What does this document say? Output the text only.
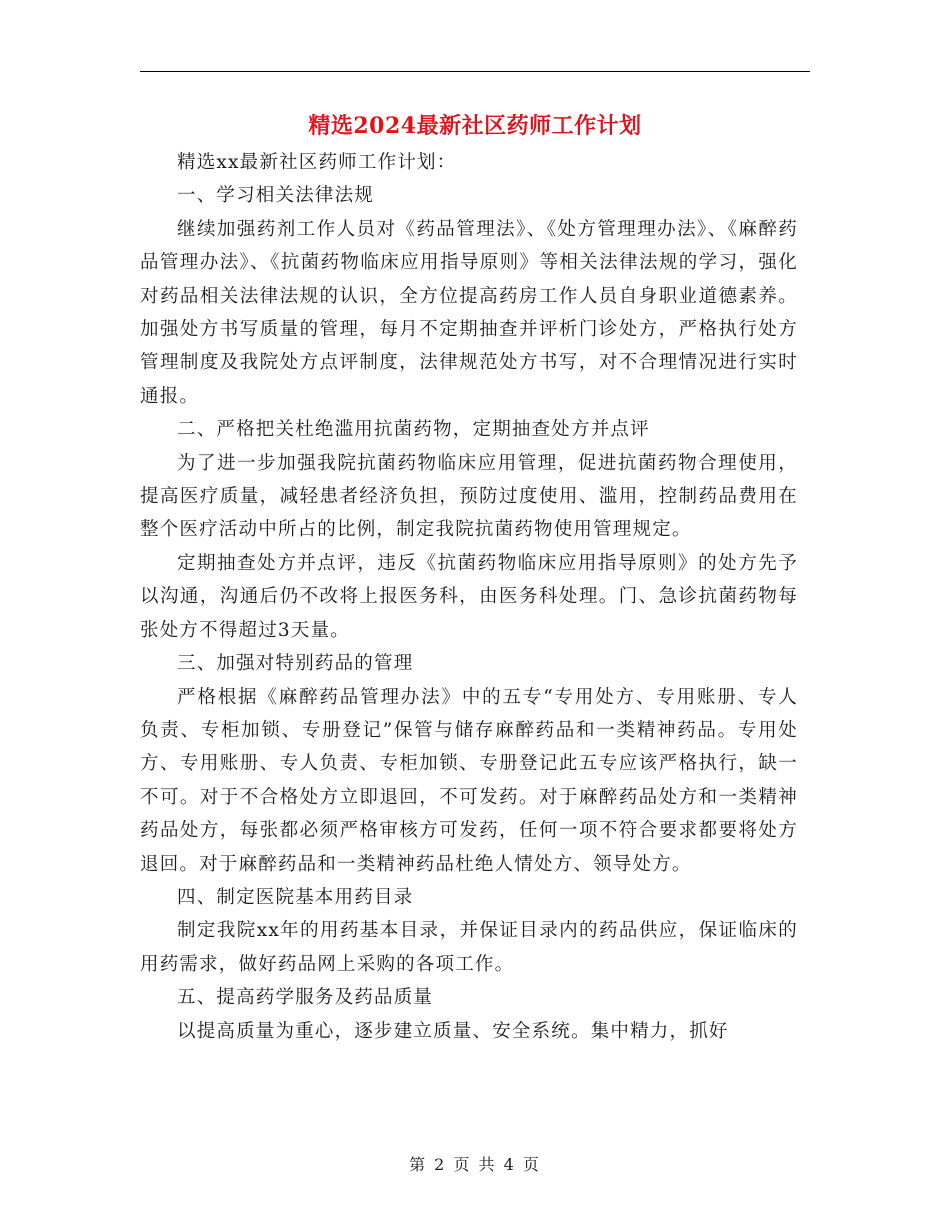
精选2024最新社区药师工作计划

精选xx最新社区药师工作计划：

一、学习相关法律法规

继续加强药剂工作人员对《药品管理法》、《处方管理理办法》、《麻醉药品管理办法》、《抗菌药物临床应用指导原则》等相关法律法规的学习，强化对药品相关法律法规的认识，全方位提高药房工作人员自身职业道德素养。加强处方书写质量的管理，每月不定期抽查并评析门诊处方，严格执行处方管理制度及我院处方点评制度，法律规范处方书写，对不合理情况进行实时通报。

二、严格把关杜绝滥用抗菌药物，定期抽查处方并点评

为了进一步加强我院抗菌药物临床应用管理，促进抗菌药物合理使用，提高医疗质量，减轻患者经济负担，预防过度使用、滥用，控制药品费用在整个医疗活动中所占的比例，制定我院抗菌药物使用管理规定。

定期抽查处方并点评，违反《抗菌药物临床应用指导原则》的处方先予以沟通，沟通后仍不改将上报医务科，由医务科处理。门、急诊抗菌药物每张处方不得超过3天量。

三、加强对特别药品的管理

严格根据《麻醉药品管理办法》中的五专“专用处方、专用账册、专人负责、专柜加锁、专册登记”保管与储存麻醉药品和一类精神药品。专用处方、专用账册、专人负责、专柜加锁、专册登记此五专应该严格执行，缺一不可。对于不合格处方立即退回，不可发药。对于麻醉药品处方和一类精神药品处方，每张都必须严格审核方可发药，任何一项不符合要求都要将处方退回。对于麻醉药品和一类精神药品杜绝人情处方、领导处方。

四、制定医院基本用药目录

制定我院xx年的用药基本目录，并保证目录内的药品供应，保证临床的用药需求，做好药品网上采购的各项工作。

五、提高药学服务及药品质量

以提高质量为重心，逐步建立质量、安全系统。集中精力，抓好

第 2 页 共 4 页
